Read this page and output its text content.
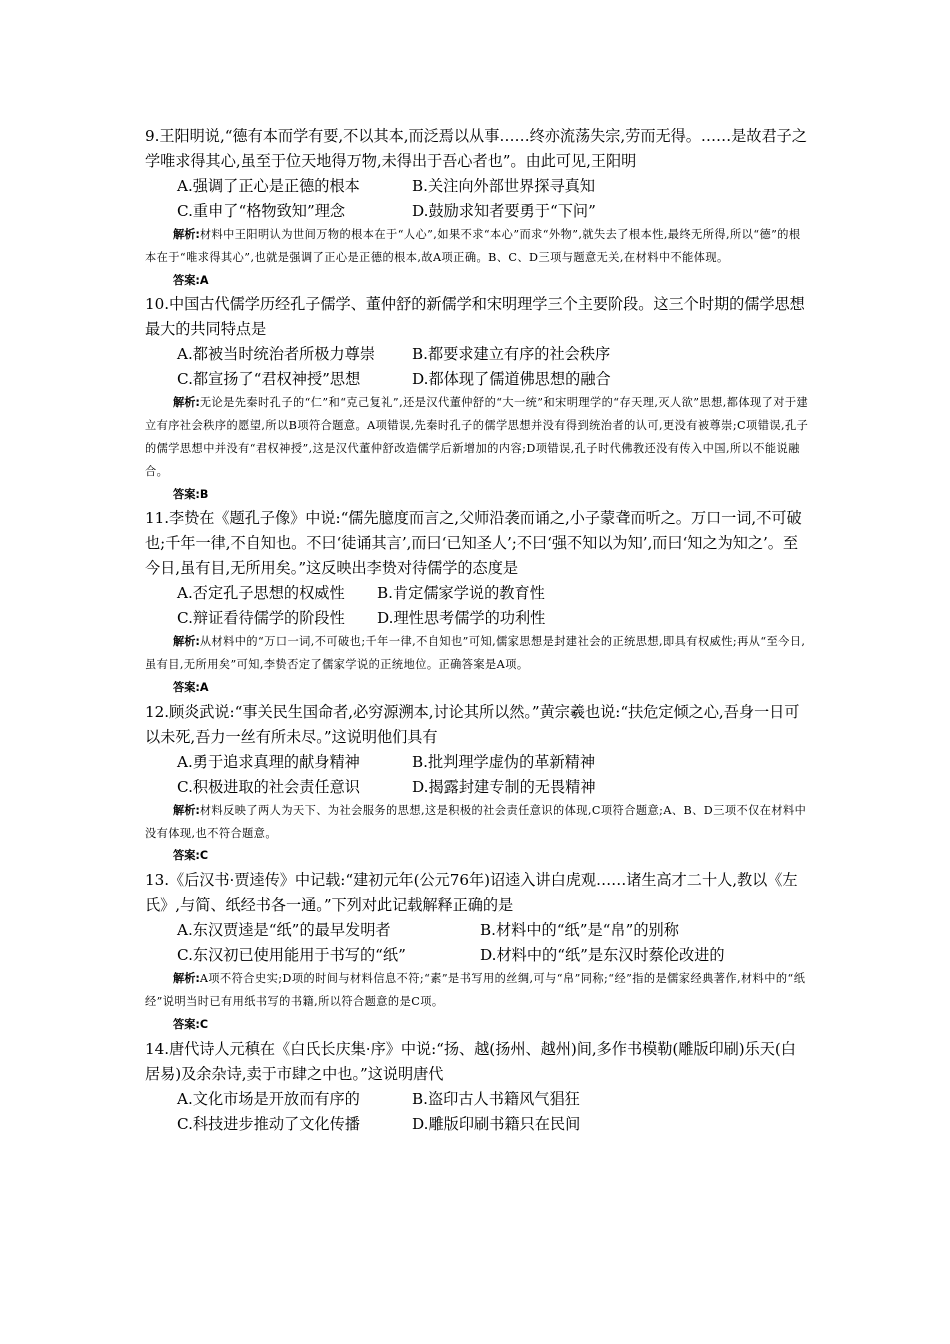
9.王阳明说,“德有本而学有要,不以其本,而泛焉以从事……终亦流荡失宗,劳而无得。……是故君子之学唯求得其心,虽至于位天地得万物,未得出于吾心者也”。由此可见,王阳明

A.强调了正心是正德的根本	B.关注向外部世界探寻真知
C.重申了“格物致知”理念	D.鼓励求知者要勇于“下问”

解析:材料中王阳明认为世间万物的根本在于“人心”,如果不求“本心”而求“外物”,就失去了根本性,最终无所得,所以“德”的根本在于“唯求得其心”,也就是强调了正心是正德的根本,故A项正确。B、C、D三项与题意无关,在材料中不能体现。

答案:A

10.中国古代儒学历经孔子儒学、董仲舒的新儒学和宋明理学三个主要阶段。这三个时期的儒学思想最大的共同特点是

A.都被当时统治者所极力尊崇	B.都要求建立有序的社会秩序
C.都宣扬了“君权神授”思想	D.都体现了儒道佛思想的融合

解析:无论是先秦时孔子的“仁”和“克己复礼”,还是汉代董仲舒的“大一统”和宋明理学的“存天理,灭人欲”思想,都体现了对于建立有序社会秩序的愿望,所以B项符合题意。A项错误,先秦时孔子的儒学思想并没有得到统治者的认可,更没有被尊崇;C项错误,孔子的儒学思想中并没有“君权神授”,这是汉代董仲舒改造儒学后新增加的内容;D项错误,孔子时代佛教还没有传入中国,所以不能说融合。

答案:B

11.李贽在《题孔子像》中说:“儒先臆度而言之,父师沿袭而诵之,小子蒙聋而听之。万口一词,不可破也;千年一律,不自知也。不曰‘徒诵其言’,而曰‘已知圣人’;不曰‘强不知以为知’,而曰‘知之为知之’。至今日,虽有目,无所用矣。”这反映出李贽对待儒学的态度是

A.否定孔子思想的权威性	B.肯定儒家学说的教育性
C.辩证看待儒学的阶段性	D.理性思考儒学的功利性

解析:从材料中的“万口一词,不可破也;千年一律,不自知也”可知,儒家思想是封建社会的正统思想,即具有权威性;再从“至今日,虽有目,无所用矣”可知,李贽否定了儒家学说的正统地位。正确答案是A项。

答案:A

12.顾炎武说:“事关民生国命者,必穷源溯本,讨论其所以然。”黄宗羲也说:“扶危定倾之心,吾身一日可以未死,吾力一丝有所未尽。”这说明他们具有

A.勇于追求真理的献身精神	B.批判理学虚伪的革新精神
C.积极进取的社会责任意识	D.揭露封建专制的无畏精神

解析:材料反映了两人为天下、为社会服务的思想,这是积极的社会责任意识的体现,C项符合题意;A、B、D三项不仅在材料中没有体现,也不符合题意。

答案:C

13.《后汉书·贾逵传》中记载:“建初元年(公元76年)诏逵入讲白虎观……诸生高才二十人,教以《左氏》,与简、纸经书各一通。”下列对此记载解释正确的是

A.东汉贾逵是“纸”的最早发明者	B.材料中的“纸”是“帛”的别称
C.东汉初已使用能用于书写的“纸”	D.材料中的“纸”是东汉时蔡伦改进的

解析:A项不符合史实;D项的时间与材料信息不符;“素”是书写用的丝绸,可与“帛”同称;“经”指的是儒家经典著作,材料中的“纸经”说明当时已有用纸书写的书籍,所以符合题意的是C项。

答案:C

14.唐代诗人元稹在《白氏长庆集·序》中说:“扬、越(扬州、越州)间,多作书模勒(雕版印刷)乐天(白居易)及余杂诗,卖于市肆之中也。”这说明唐代

A.文化市场是开放而有序的	B.盗印古人书籍风气猖狂
C.科技进步推动了文化传播	D.雕版印刷书籍只在民间
